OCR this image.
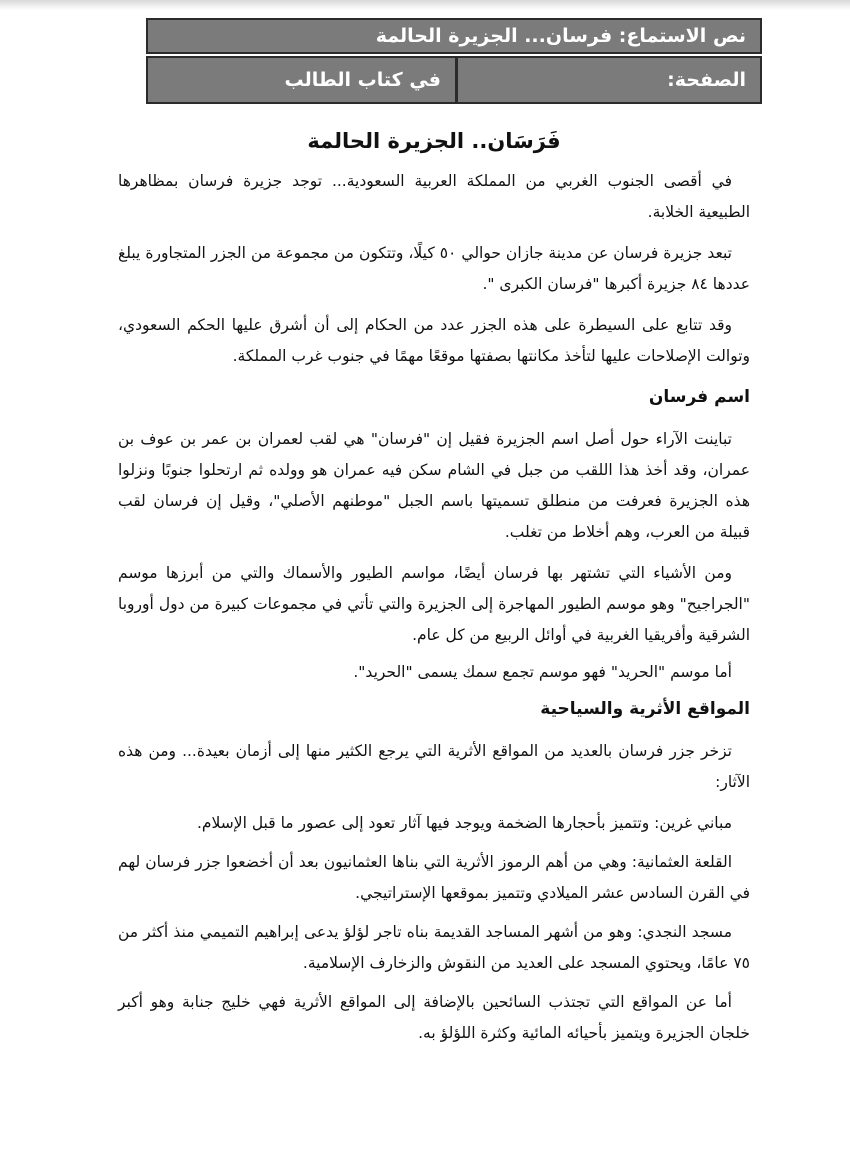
نص الاستماع: فرسان... الجزيرة الحالمة
الصفحة:
في كتاب الطالب
فَرَسَان.. الجزيرة الحالمة

في أقصى الجنوب الغربي من المملكة العربية السعودية... توجد جزيرة فرسان بمظاهرها الطبيعية الخلابة.

تبعد جزيرة فرسان عن مدينة جازان حوالي ٥٠ كيلًا، وتتكون من مجموعة من الجزر المتجاورة يبلغ عددها ٨٤ جزيرة أكبرها "فرسان الكبرى ".

وقد تتابع على السيطرة على هذه الجزر عدد من الحكام إلى أن أشرق عليها الحكم السعودي، وتوالت الإصلاحات عليها لتأخذ مكانتها بصفتها موقعًا مهمًا في جنوب غرب المملكة.

اسم فرسان

تباينت الآراء حول أصل اسم الجزيرة فقيل إن "فرسان" هي لقب لعمران بن عمر بن عوف بن عمران، وقد أخذ هذا اللقب من جبل في الشام سكن فيه عمران هو وولده ثم ارتحلوا جنوبًا ونزلوا هذه الجزيرة فعرفت من منطلق تسميتها باسم الجبل "موطنهم الأصلي"، وقيل إن فرسان لقب قبيلة من العرب، وهم أخلاط من تغلب.

ومن الأشياء التي تشتهر بها فرسان أيضًا، مواسم الطيور والأسماك والتي من أبرزها موسم "الجراجيح" وهو موسم الطيور المهاجرة إلى الجزيرة والتي تأتي في مجموعات كبيرة من دول أوروبا الشرقية وأفريقيا الغربية في أوائل الربيع من كل عام.

أما موسم "الحريد" فهو موسم تجمع سمك يسمى "الحريد".

المواقع الأثرية والسياحية

تزخر جزر فرسان بالعديد من المواقع الأثرية التي يرجع الكثير منها إلى أزمان بعيدة... ومن هذه الآثار:

مباني غرين: وتتميز بأحجارها الضخمة ويوجد فيها آثار تعود إلى عصور ما قبل الإسلام.

القلعة العثمانية: وهي من أهم الرموز الأثرية التي بناها العثمانيون بعد أن أخضعوا جزر فرسان لهم في القرن السادس عشر الميلادي وتتميز بموقعها الإستراتيجي.

مسجد النجدي: وهو من أشهر المساجد القديمة بناه تاجر لؤلؤ يدعى إبراهيم التميمي منذ أكثر من ٧٥ عامًا، ويحتوي المسجد على العديد من النقوش والزخارف الإسلامية.

أما عن المواقع التي تجتذب السائحين بالإضافة إلى المواقع الأثرية فهي خليج جنابة وهو أكبر خلجان الجزيرة ويتميز بأحيائه المائية وكثرة اللؤلؤ به.
